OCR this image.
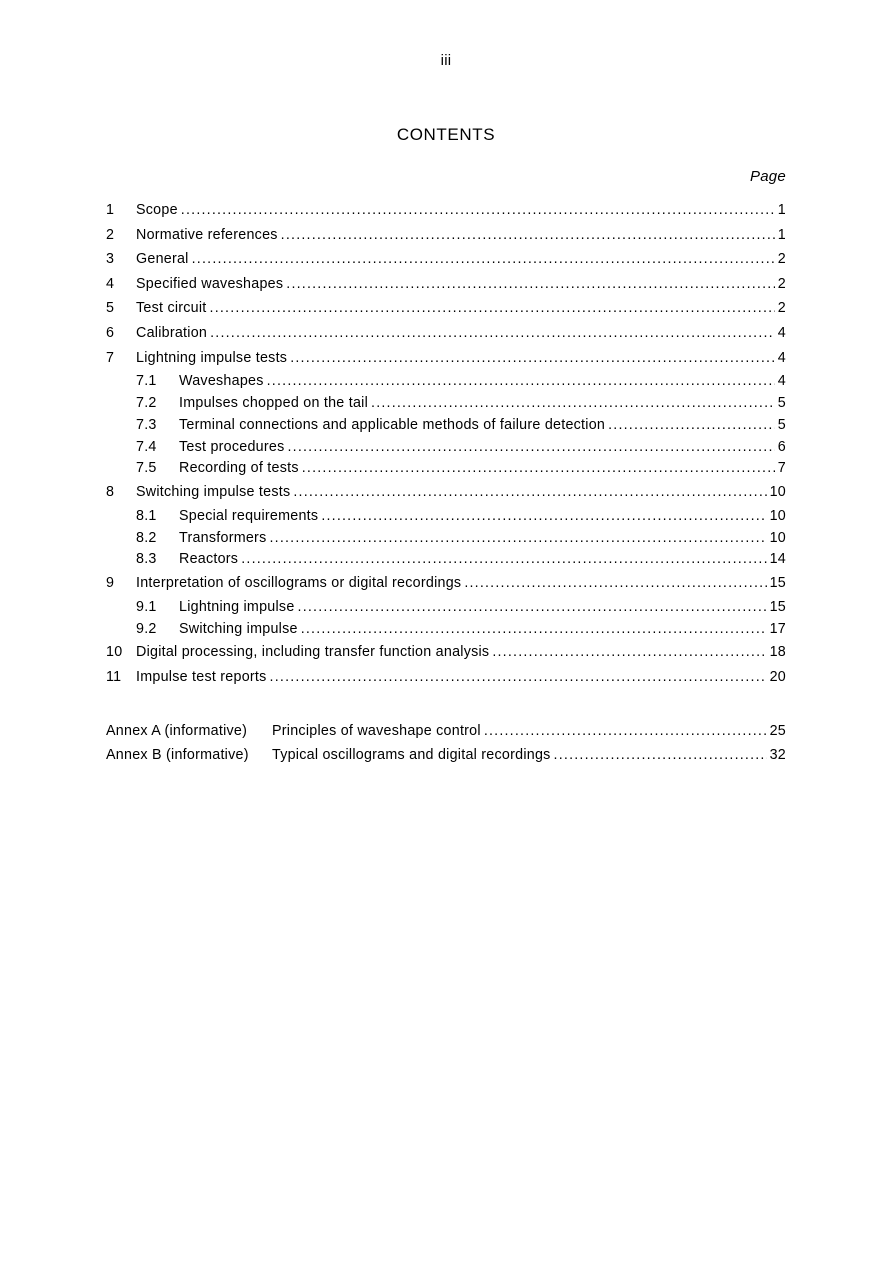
iii
CONTENTS
Page
1	Scope .....	1
2	Normative references .....	1
3	General .....	2
4	Specified waveshapes .....	2
5	Test circuit .....	2
6	Calibration .....	4
7	Lightning impulse tests .....	4
7.1	Waveshapes .....	4
7.2	Impulses chopped on the tail .....	5
7.3	Terminal connections and applicable methods of failure detection .....	5
7.4	Test procedures .....	6
7.5	Recording of tests .....	7
8	Switching impulse tests .....	10
8.1	Special requirements .....	10
8.2	Transformers .....	10
8.3	Reactors .....	14
9	Interpretation of oscillograms or digital recordings .....	15
9.1	Lightning impulse .....	15
9.2	Switching impulse .....	17
10 Digital processing, including transfer function analysis .....	18
11	Impulse test reports .....	20
Annex A (informative)	Principles of waveshape control .....	25
Annex B (informative)	Typical oscillograms and digital recordings .....	32
